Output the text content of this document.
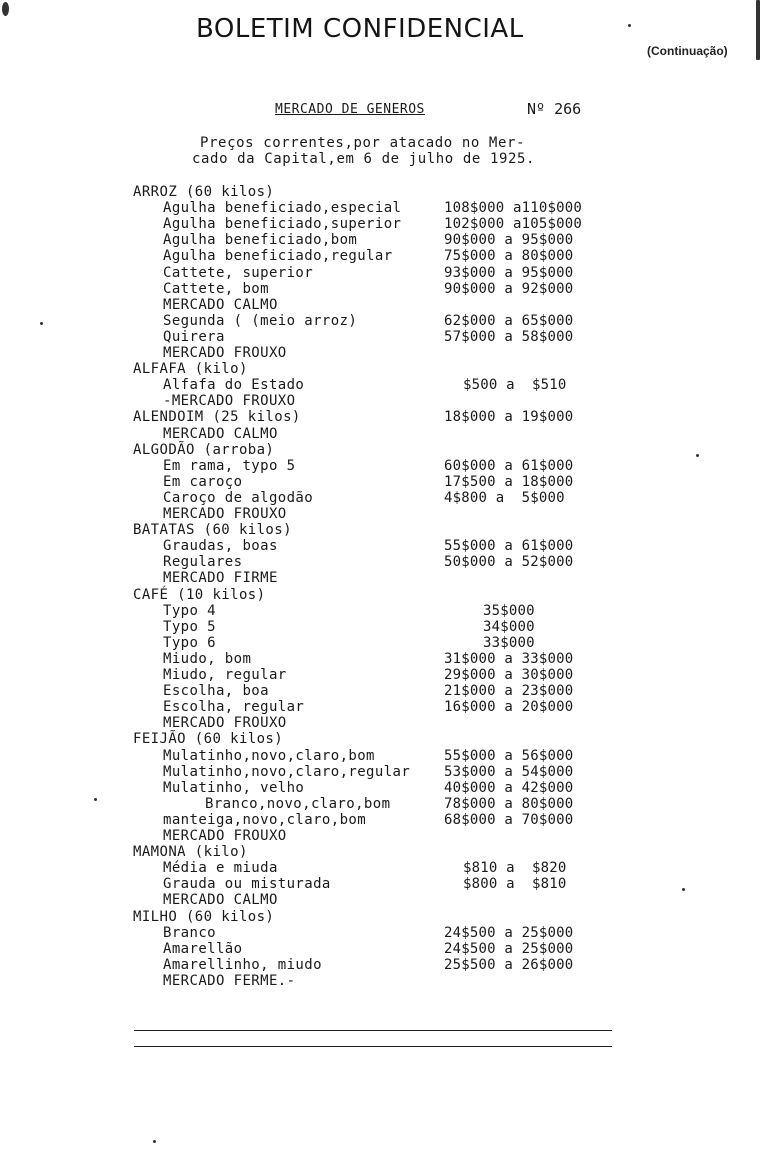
BOLETIM CONFIDENCIAL
(Continuação)
MERCADO DE GENEROS	Nº 266
Preços correntes,por atacado no Mer-
cado da Capital,em 6 de julho de 1925.
ARROZ (60 kilos)
Agulha beneficiado,especial	108$000 a110$000
Agulha beneficiado,superior	102$000 a105$000
Agulha beneficiado,bom	90$000 a 95$000
Agulha beneficiado,regular	75$000 a 80$000
Cattete, superior	93$000 a 95$000
Cattete, bom	90$000 a 92$000
MERCADO CALMO
Segunda ( (meio arroz)	62$000 a 65$000
Quirera	57$000 a 58$000
MERCADO FROUXO
ALFAFA (kilo)
Alfafa do Estado	$500 a  $510
-MERCADO FROUXO
ALENDOIM (25 kilos)	18$000 a 19$000
MERCADO CALMO
ALGODÃO (arroba)
Em rama, typo 5	60$000 a 61$000
Em caroço	17$500 a 18$000
Caroço de algodão	4$800 a  5$000
MERCADO FROUXO
BATATAS (60 kilos)
Graudas, boas	55$000 a 61$000
Regulares	50$000 a 52$000
MERCADO FIRME
CAFÉ (10 kilos)
Typo 4	35$000
Typo 5	34$000
Typo 6	33$000
Miudo, bom	31$000 a 33$000
Miudo, regular	29$000 a 30$000
Escolha, boa	21$000 a 23$000
Escolha, regular	16$000 a 20$000
MERCADO FROUXO
FEIJÃO (60 kilos)
Mulatinho,novo,claro,bom	55$000 a 56$000
Mulatinho,novo,claro,regular 53$000 a 54$000
Mulatinho, velho	40$000 a 42$000
Branco,novo,claro,bom	78$000 a 80$000
manteiga,novo,claro,bom	68$000 a 70$000
MERCADO FROUXO
MAMONA (kilo)
Média e miuda	$810 a  $820
Grauda ou misturada	$800 a  $810
MERCADO CALMO
MILHO (60 kilos)
Branco	24$500 a 25$000
Amarellão	24$500 a 25$000
Amarellinho, miudo	25$500 a 26$000
MERCADO FERME.-
